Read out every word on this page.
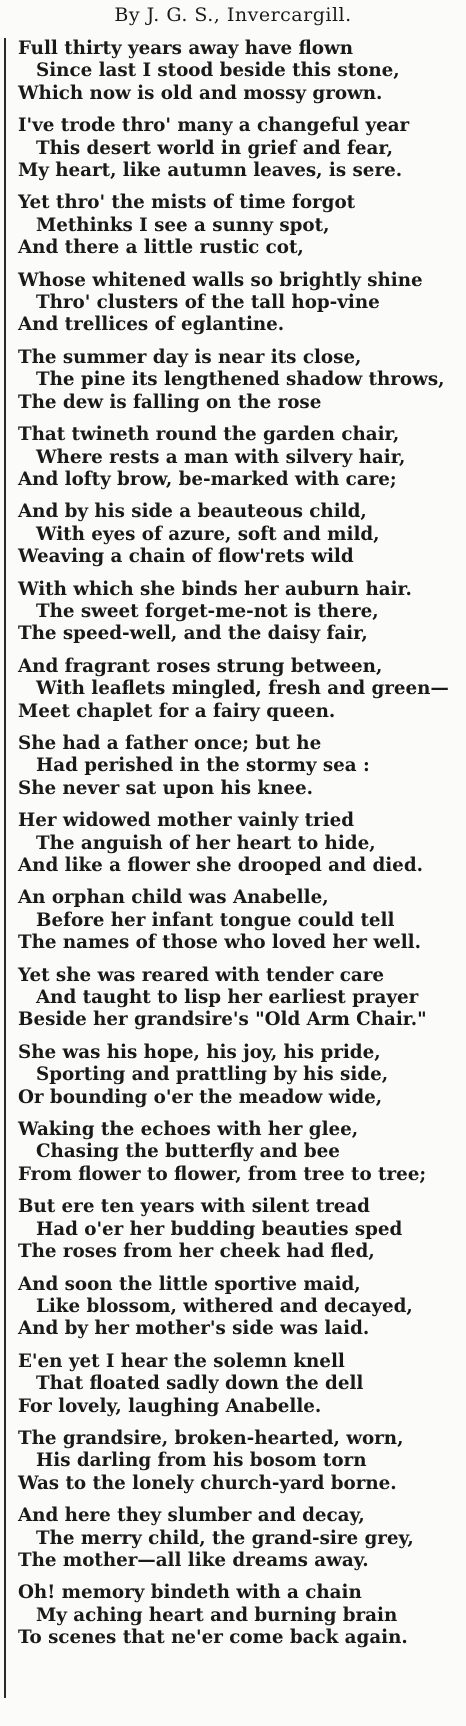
By J. G. S., Invercargill.
Full thirty years away have flown
Since last I stood beside this stone,
Which now is old and mossy grown.
I've trode thro' many a changeful year
This desert world in grief and fear,
My heart, like autumn leaves, is sere.
Yet thro' the mists of time forgot
Methinks I see a sunny spot,
And there a little rustic cot,
Whose whitened walls so brightly shine
Thro' clusters of the tall hop-vine
And trellices of eglantine.
The summer day is near its close,
The pine its lengthened shadow throws,
The dew is falling on the rose
That twineth round the garden chair,
Where rests a man with silvery hair,
And lofty brow, be-marked with care;
And by his side a beauteous child,
With eyes of azure, soft and mild,
Weaving a chain of flow'rets wild
With which she binds her auburn hair.
The sweet forget-me-not is there,
The speed-well, and the daisy fair,
And fragrant roses strung between,
With leaflets mingled, fresh and green—
Meet chaplet for a fairy queen.
She had a father once; but he
Had perished in the stormy sea :
She never sat upon his knee.
Her widowed mother vainly tried
The anguish of her heart to hide,
And like a flower she drooped and died.
An orphan child was Anabelle,
Before her infant tongue could tell
The names of those who loved her well.
Yet she was reared with tender care
And taught to lisp her earliest prayer
Beside her grandsire's "Old Arm Chair."
She was his hope, his joy, his pride,
Sporting and prattling by his side,
Or bounding o'er the meadow wide,
Waking the echoes with her glee,
Chasing the butterfly and bee
From flower to flower, from tree to tree;
But ere ten years with silent tread
Had o'er her budding beauties sped
The roses from her cheek had fled,
And soon the little sportive maid,
Like blossom, withered and decayed,
And by her mother's side was laid.
E'en yet I hear the solemn knell
That floated sadly down the dell
For lovely, laughing Anabelle.
The grandsire, broken-hearted, worn,
His darling from his bosom torn
Was to the lonely church-yard borne.
And here they slumber and decay,
The merry child, the grand-sire grey,
The mother—all like dreams away.
Oh! memory bindeth with a chain
My aching heart and burning brain
To scenes that ne'er come back again.
